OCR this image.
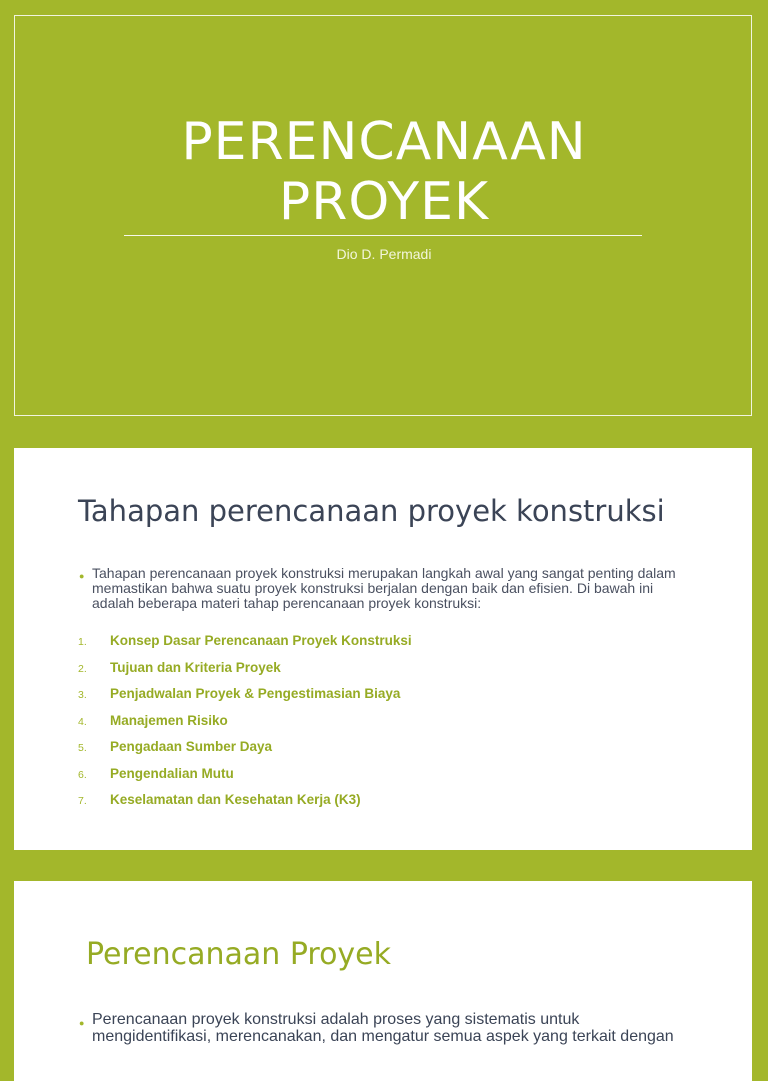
PERENCANAAN
PROYEK
Dio D. Permadi
Tahapan perencanaan proyek konstruksi
● Tahapan perencanaan proyek konstruksi merupakan langkah awal yang sangat penting dalam memastikan bahwa suatu proyek konstruksi berjalan dengan baik dan efisien. Di bawah ini adalah beberapa materi tahap perencanaan proyek konstruksi:
1. Konsep Dasar Perencanaan Proyek Konstruksi
2. Tujuan dan Kriteria Proyek
3. Penjadwalan Proyek & Pengestimasian Biaya
4. Manajemen Risiko
5. Pengadaan Sumber Daya
6. Pengendalian Mutu
7. Keselamatan dan Kesehatan Kerja (K3)
Perencanaan Proyek
● Perencanaan proyek konstruksi adalah proses yang sistematis untuk mengidentifikasi, merencanakan, dan mengatur semua aspek yang terkait dengan
